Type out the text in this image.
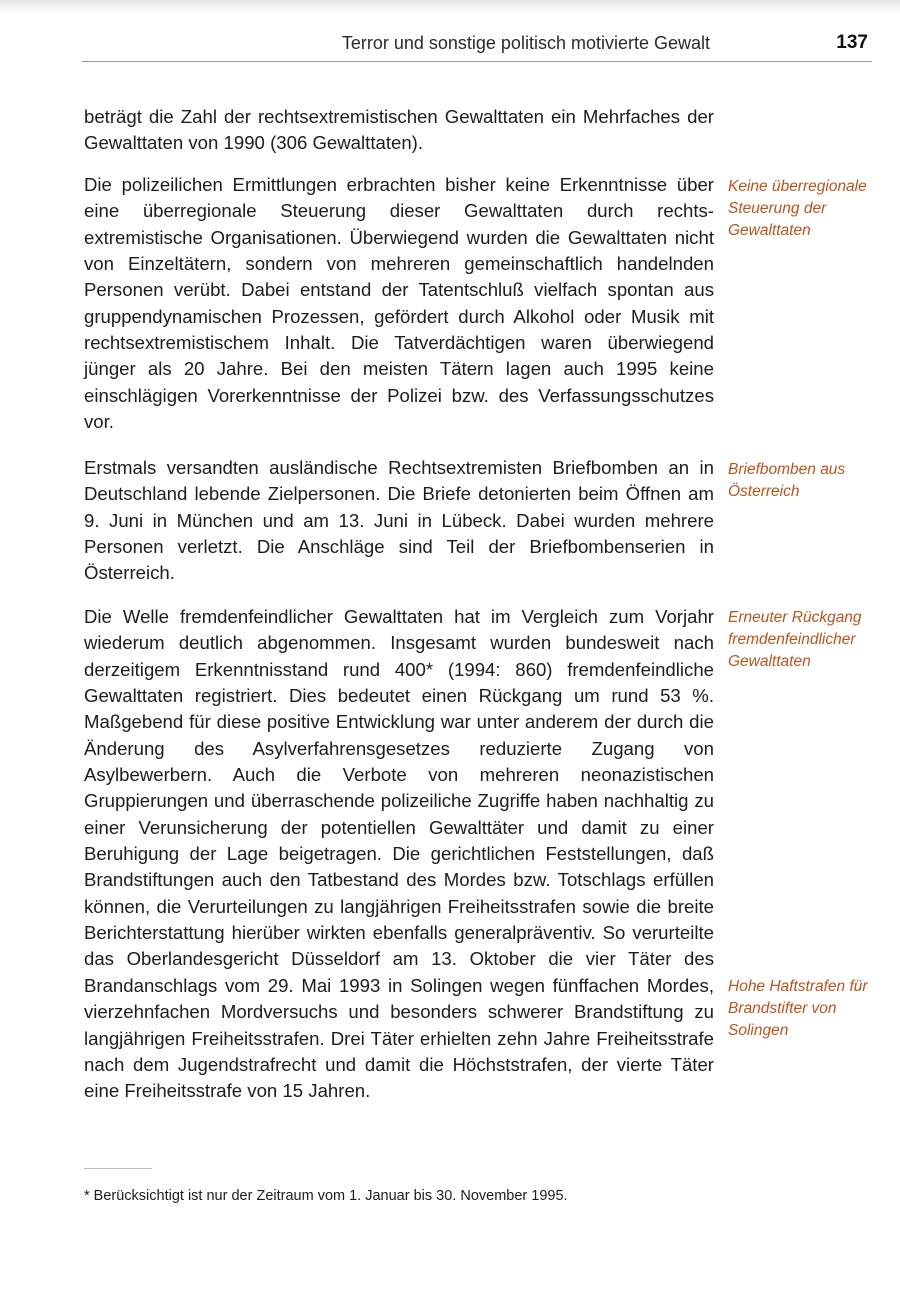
Terror und sonstige politisch motivierte Gewalt	137

beträgt die Zahl der rechtsextremistischen Gewalttaten ein Mehrfaches der Gewalttaten von 1990 (306 Gewalttaten).

Die polizeilichen Ermittlungen erbrachten bisher keine Erkenntnisse über eine überregionale Steuerung dieser Gewalttaten durch rechtsextremistische Organisationen. Überwiegend wurden die Gewalttaten nicht von Einzeltätern, sondern von mehreren gemeinschaftlich handelnden Personen verübt. Dabei entstand der Tatentschluß vielfach spontan aus gruppendynamischen Prozessen, gefördert durch Alkohol oder Musik mit rechtsextremistischem Inhalt. Die Tatverdächtigen waren überwiegend jünger als 20 Jahre. Bei den meisten Tätern lagen auch 1995 keine einschlägigen Vorerkenntnisse der Polizei bzw. des Verfassungsschutzes vor.

Erstmals versandten ausländische Rechtsextremisten Briefbomben an in Deutschland lebende Zielpersonen. Die Briefe detonierten beim Öffnen am 9. Juni in München und am 13. Juni in Lübeck. Dabei wurden mehrere Personen verletzt. Die Anschläge sind Teil der Briefbombenserien in Österreich.

Die Welle fremdenfeindlicher Gewalttaten hat im Vergleich zum Vorjahr wiederum deutlich abgenommen. Insgesamt wurden bundesweit nach derzeitigem Erkenntnisstand rund 400* (1994: 860) fremdenfeindliche Gewalttaten registriert. Dies bedeutet einen Rückgang um rund 53 %. Maßgebend für diese positive Entwicklung war unter anderem der durch die Änderung des Asylverfahrensgesetzes reduzierte Zugang von Asylbewerbern. Auch die Verbote von mehreren neonazistischen Gruppierungen und überraschende polizeiliche Zugriffe haben nachhaltig zu einer Verunsicherung der potentiellen Gewalttäter und damit zu einer Beruhigung der Lage beigetragen. Die gerichtlichen Feststellungen, daß Brandstiftungen auch den Tatbestand des Mordes bzw. Totschlags erfüllen können, die Verurteilungen zu langjährigen Freiheitsstrafen sowie die breite Berichterstattung hierüber wirkten ebenfalls generalpräventiv. So verurteilte das Oberlandesgericht Düsseldorf am 13. Oktober die vier Täter des Brandanschlags vom 29. Mai 1993 in Solingen wegen fünffachen Mordes, vierzehnfachen Mordversuchs und besonders schwerer Brandstiftung zu langjährigen Freiheitsstrafen. Drei Täter erhielten zehn Jahre Freiheitsstrafe nach dem Jugendstrafrecht und damit die Höchststrafen, der vierte Täter eine Freiheitsstrafe von 15 Jahren.

Keine überregionale Steuerung der Gewalttaten

Briefbomben aus Österreich

Erneuter Rückgang fremdenfeindlicher Gewalttaten

Hohe Haftstrafen für Brandstifter von Solingen

* Berücksichtigt ist nur der Zeitraum vom 1. Januar bis 30. November 1995.
